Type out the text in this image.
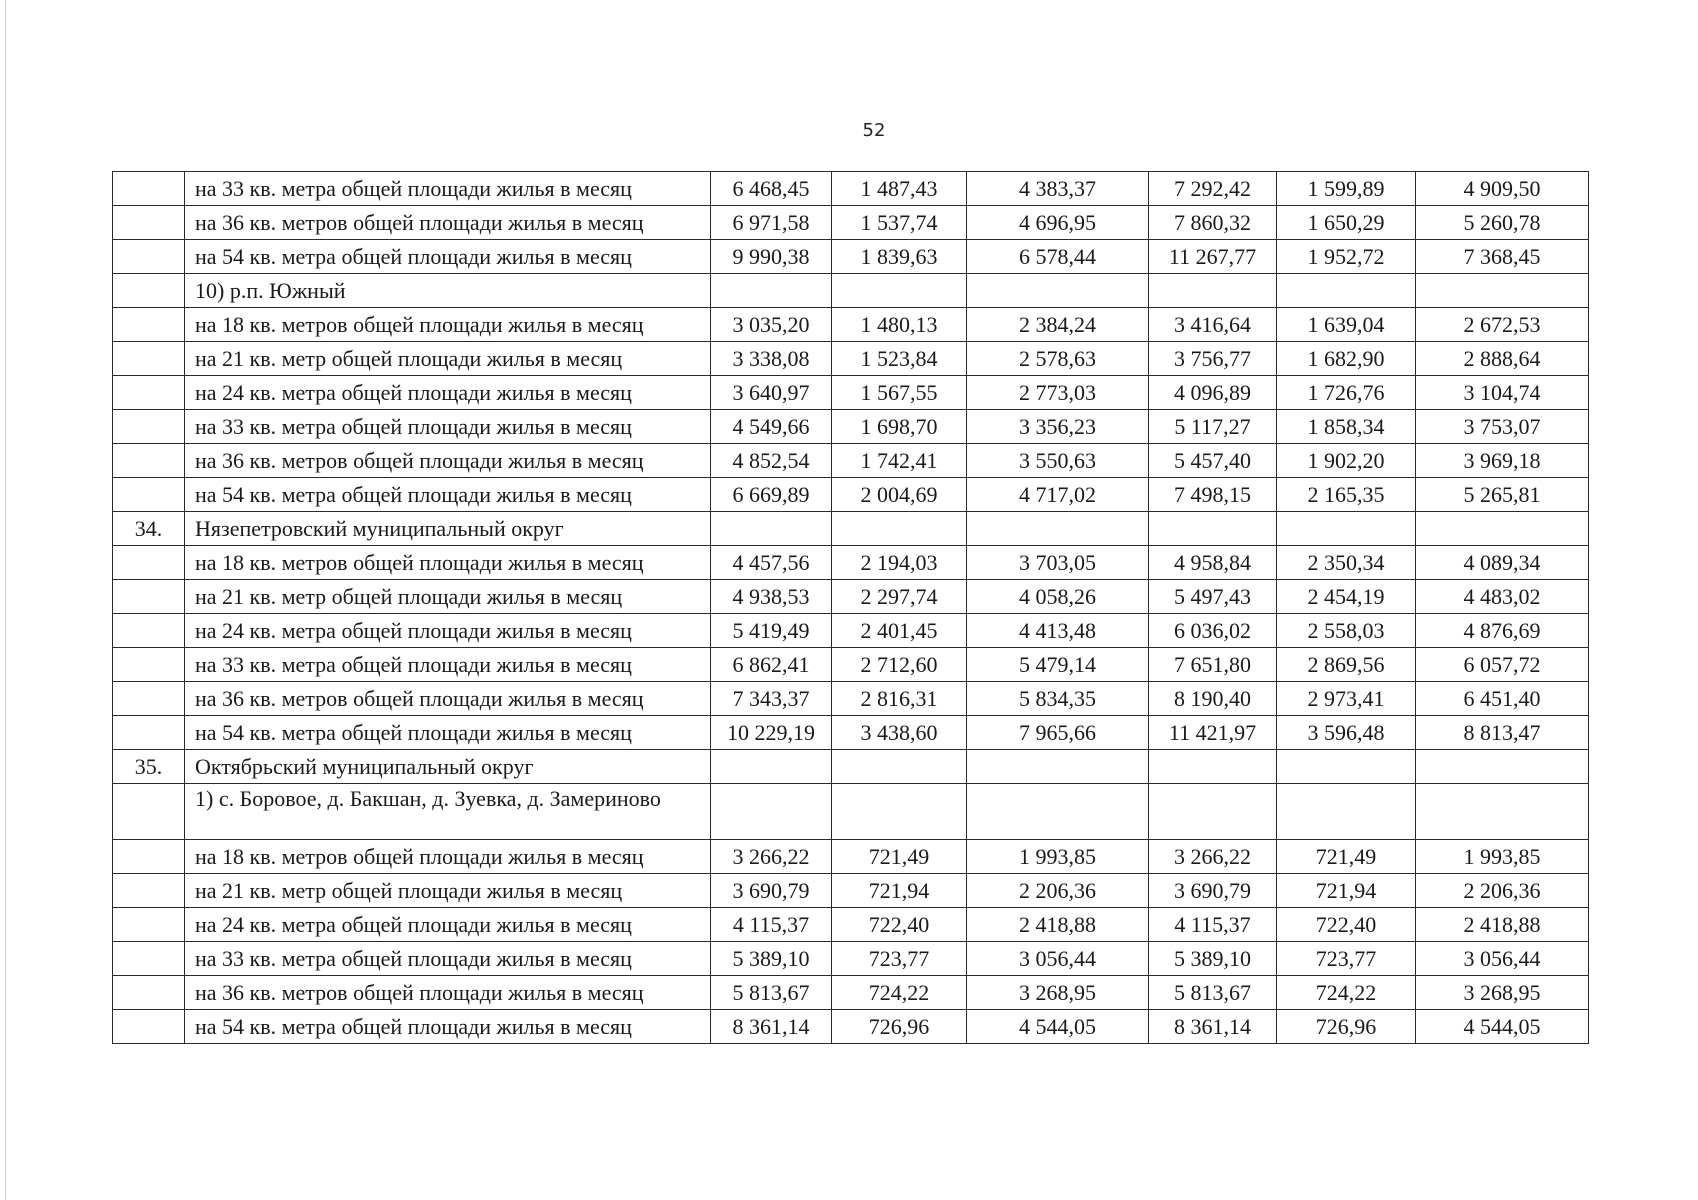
52
	на 33 кв. метра общей площади жилья в месяц	6 468,45	1 487,43	4 383,37	7 292,42	1 599,89	4 909,50
	на 36 кв. метров общей площади жилья в месяц	6 971,58	1 537,74	4 696,95	7 860,32	1 650,29	5 260,78
	на 54 кв. метра общей площади жилья в месяц	9 990,38	1 839,63	6 578,44	11 267,77	1 952,72	7 368,45
	10) р.п. Южный						
	на 18 кв. метров общей площади жилья в месяц	3 035,20	1 480,13	2 384,24	3 416,64	1 639,04	2 672,53
	на 21 кв. метр общей площади жилья в месяц	3 338,08	1 523,84	2 578,63	3 756,77	1 682,90	2 888,64
	на 24 кв. метра общей площади жилья в месяц	3 640,97	1 567,55	2 773,03	4 096,89	1 726,76	3 104,74
	на 33 кв. метра общей площади жилья в месяц	4 549,66	1 698,70	3 356,23	5 117,27	1 858,34	3 753,07
	на 36 кв. метров общей площади жилья в месяц	4 852,54	1 742,41	3 550,63	5 457,40	1 902,20	3 969,18
	на 54 кв. метра общей площади жилья в месяц	6 669,89	2 004,69	4 717,02	7 498,15	2 165,35	5 265,81
34.	Нязепетровский муниципальный округ						
	на 18 кв. метров общей площади жилья в месяц	4 457,56	2 194,03	3 703,05	4 958,84	2 350,34	4 089,34
	на 21 кв. метр общей площади жилья в месяц	4 938,53	2 297,74	4 058,26	5 497,43	2 454,19	4 483,02
	на 24 кв. метра общей площади жилья в месяц	5 419,49	2 401,45	4 413,48	6 036,02	2 558,03	4 876,69
	на 33 кв. метра общей площади жилья в месяц	6 862,41	2 712,60	5 479,14	7 651,80	2 869,56	6 057,72
	на 36 кв. метров общей площади жилья в месяц	7 343,37	2 816,31	5 834,35	8 190,40	2 973,41	6 451,40
	на 54 кв. метра общей площади жилья в месяц	10 229,19	3 438,60	7 965,66	11 421,97	3 596,48	8 813,47
35.	Октябрьский муниципальный округ						
	1) с. Боровое, д. Бакшан, д. Зуевка, д. Замериново						
	на 18 кв. метров общей площади жилья в месяц	3 266,22	721,49	1 993,85	3 266,22	721,49	1 993,85
	на 21 кв. метр общей площади жилья в месяц	3 690,79	721,94	2 206,36	3 690,79	721,94	2 206,36
	на 24 кв. метра общей площади жилья в месяц	4 115,37	722,40	2 418,88	4 115,37	722,40	2 418,88
	на 33 кв. метра общей площади жилья в месяц	5 389,10	723,77	3 056,44	5 389,10	723,77	3 056,44
	на 36 кв. метров общей площади жилья в месяц	5 813,67	724,22	3 268,95	5 813,67	724,22	3 268,95
	на 54 кв. метра общей площади жилья в месяц	8 361,14	726,96	4 544,05	8 361,14	726,96	4 544,05
